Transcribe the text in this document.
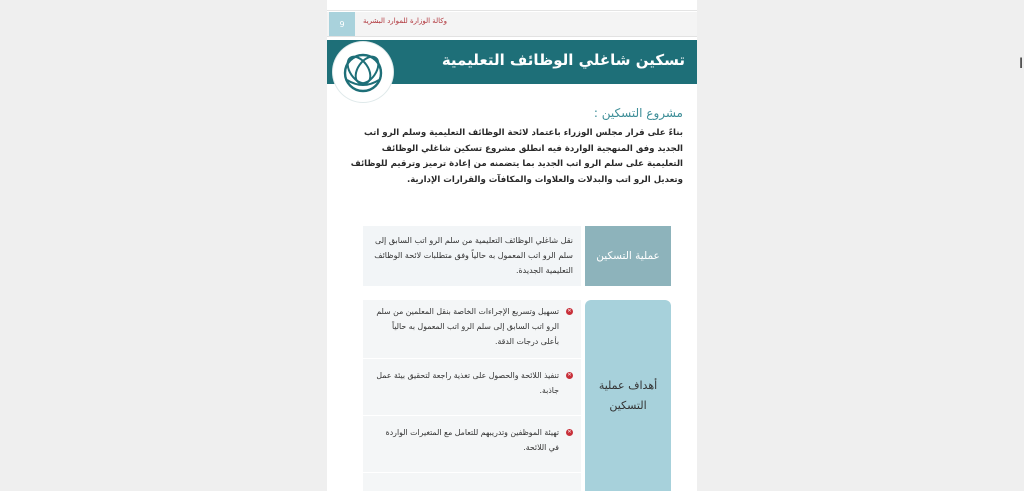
9	وكالة الوزارة للموارد البشرية
تسكين شاغلي الوظائف التعليمية
مشروع التسكين :
بناءً على قرار مجلس الوزراء باعتماد لائحة الوظائف التعليمية وسلم الرو اتب الجديد وفق المنهجية الواردة فيه انطلق مشروع تسكين شاغلي الوظائف التعليمية على سلم الرو اتب الجديد بما يتضمنه من إعادة ترميز وترقيم للوظائف وتعديل الرو اتب والبدلات والعلاوات والمكافآت والقرارات الإدارية.
عملية التسكين

نقل شاغلي الوظائف التعليمية من سلم الرو اتب السابق إلى سلم الرو اتب المعمول به حالياً وفق متطلبات لائحة الوظائف التعليمية الجديدة.

أهداف عملية التسكين
✕

تسهيل وتسريع الإجراءات الخاصة بنقل المعلمين من سلم الرو اتب السابق إلى سلم الرو اتب المعمول به حالياً بأعلى درجات الدقة.

✕

تنفيذ اللائحة والحصول على تغذية راجعة لتحقيق بيئة عمل جاذبة.

✕

تهيئة الموظفين وتدريبهم للتعامل مع المتغيرات الواردة في اللائحة.

I
